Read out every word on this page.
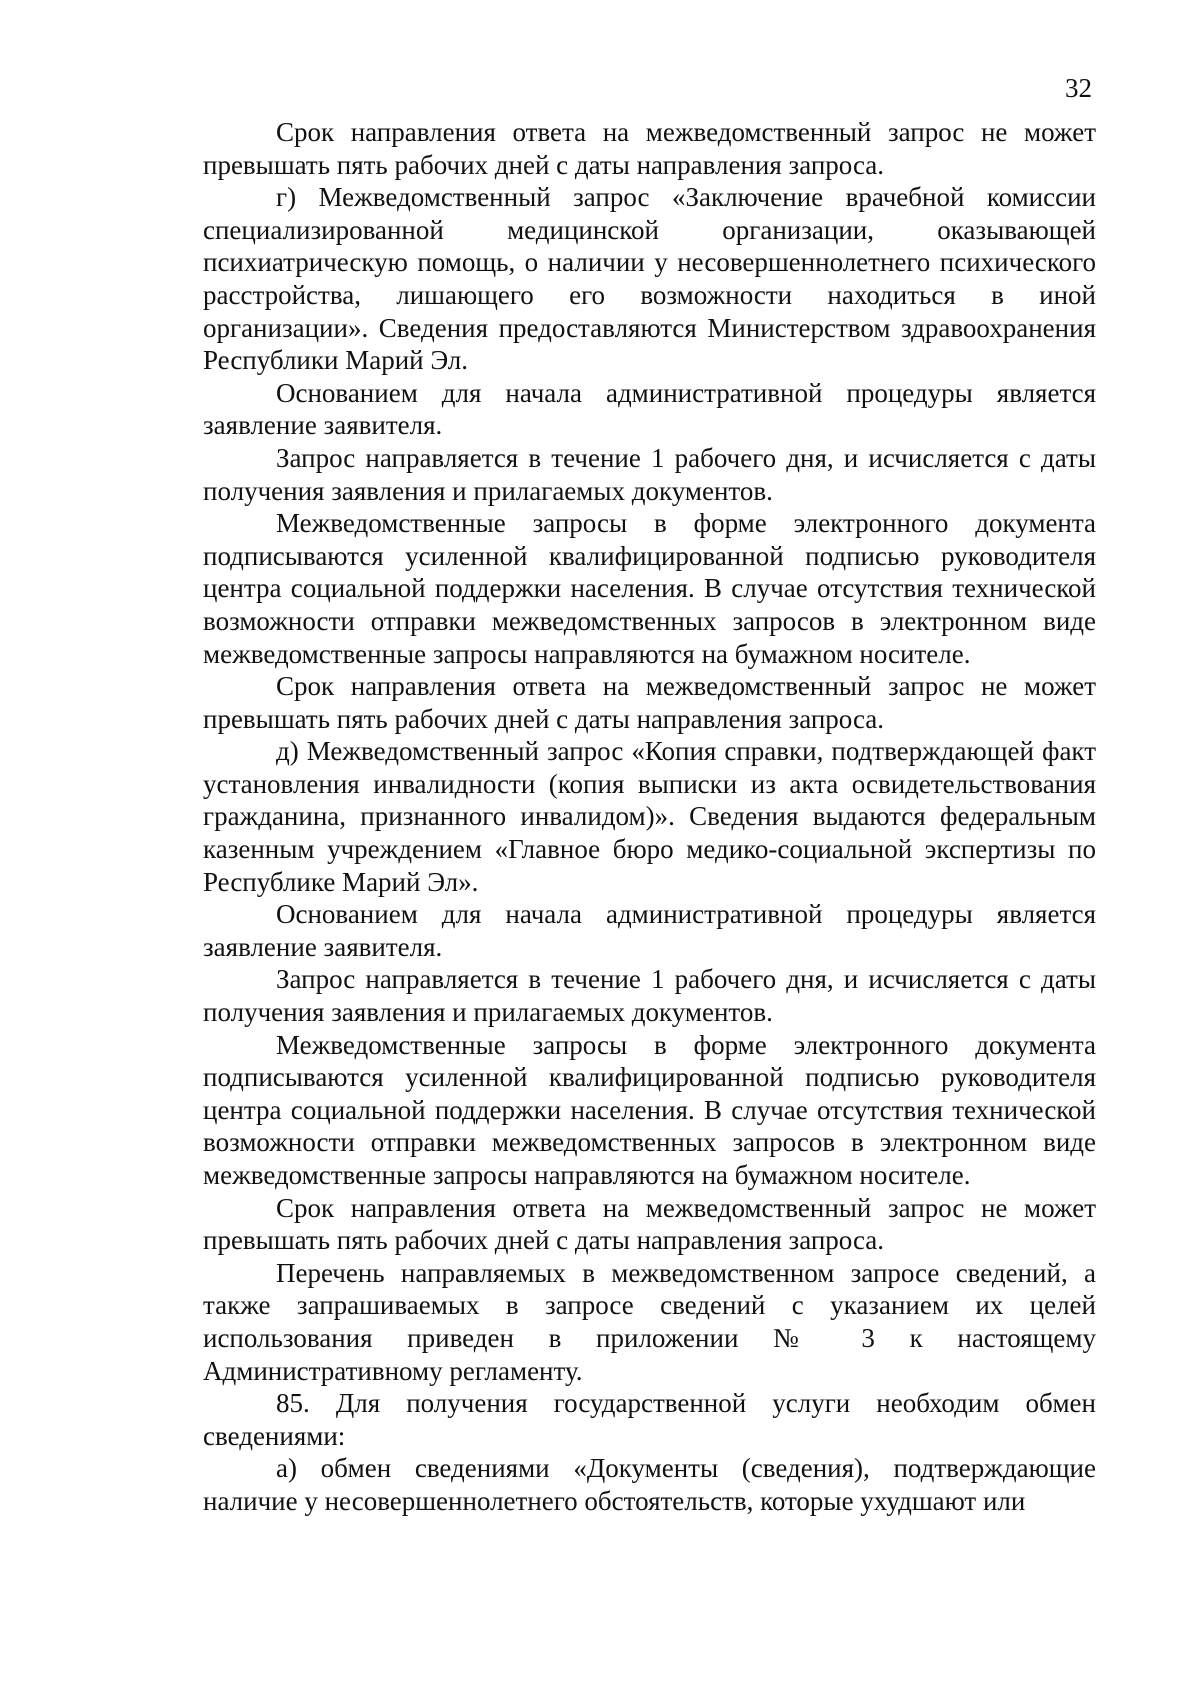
32

Срок направления ответа на межведомственный запрос не может превышать пять рабочих дней с даты направления запроса.

г) Межведомственный запрос «Заключение врачебной комиссии специализированной медицинской организации, оказывающей психиатрическую помощь, о наличии у несовершеннолетнего психического расстройства, лишающего его возможности находиться в иной организации». Сведения предоставляются Министерством здравоохранения Республики Марий Эл.

Основанием для начала административной процедуры является заявление заявителя.

Запрос направляется в течение 1 рабочего дня, и исчисляется с даты получения заявления и прилагаемых документов.

Межведомственные запросы в форме электронного документа подписываются усиленной квалифицированной подписью руководителя центра социальной поддержки населения. В случае отсутствия технической возможности отправки межведомственных запросов в электронном виде межведомственные запросы направляются на бумажном носителе.

Срок направления ответа на межведомственный запрос не может превышать пять рабочих дней с даты направления запроса.

д) Межведомственный запрос «Копия справки, подтверждающей факт установления инвалидности (копия выписки из акта освидетельствования гражданина, признанного инвалидом)». Сведения выдаются федеральным казенным учреждением «Главное бюро медико-социальной экспертизы по Республике Марий Эл».

Основанием для начала административной процедуры является заявление заявителя.

Запрос направляется в течение 1 рабочего дня, и исчисляется с даты получения заявления и прилагаемых документов.

Межведомственные запросы в форме электронного документа подписываются усиленной квалифицированной подписью руководителя центра социальной поддержки населения. В случае отсутствия технической возможности отправки межведомственных запросов в электронном виде межведомственные запросы направляются на бумажном носителе.

Срок направления ответа на межведомственный запрос не может превышать пять рабочих дней с даты направления запроса.

Перечень направляемых в межведомственном запросе сведений, а также запрашиваемых в запросе сведений с указанием их целей использования приведен в приложении № 3 к настоящему Административному регламенту.

85. Для получения государственной услуги необходим обмен сведениями:

а) обмен сведениями «Документы (сведения), подтверждающие наличие у несовершеннолетнего обстоятельств, которые ухудшают или
